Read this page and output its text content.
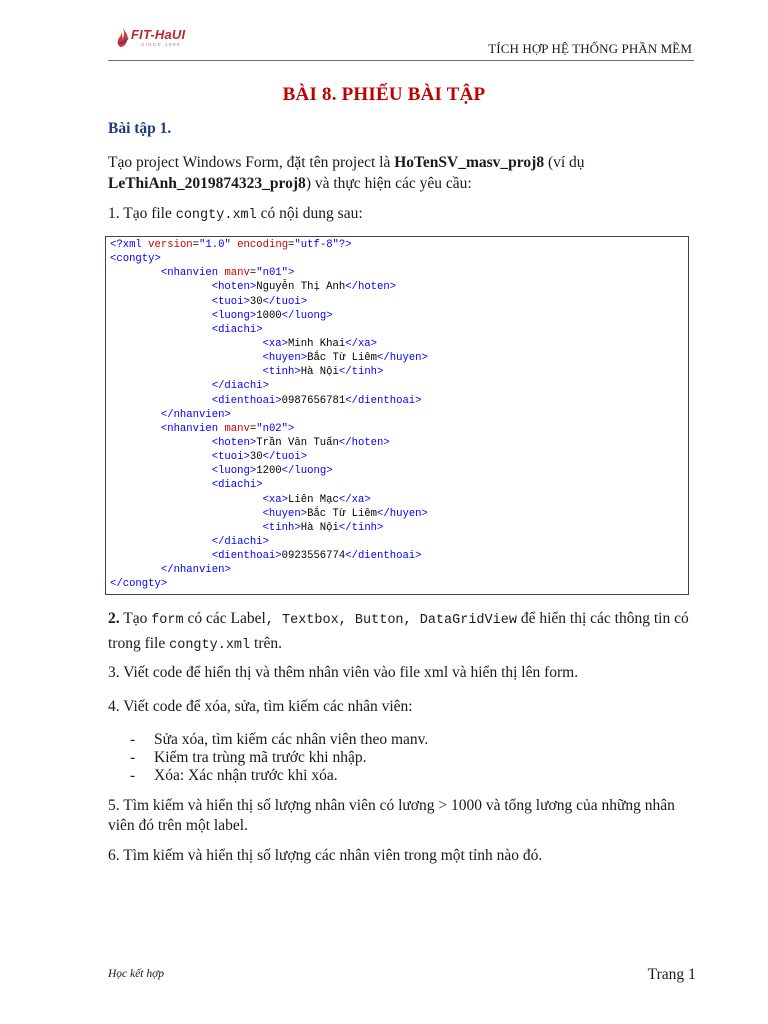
FIT-HaUI
SINCE 1998	TÍCH HỢP HỆ THỐNG PHẦN MỀM
BÀI 8. PHIẾU BÀI TẬP
Bài tập 1.
Tạo project Windows Form, đặt tên project là HoTenSV_masv_proj8 (ví dụ LeThiAnh_2019874323_proj8) và thực hiện các yêu cầu:
1. Tạo file congty.xml có nội dung sau:
<?xml version="1.0" encoding="utf-8"?>
<congty>
<nhanvien manv="n01">
<hoten>Nguyễn Thị Anh</hoten>
<tuoi>30</tuoi>
<luong>1000</luong>
<diachi>
<xa>Minh Khai</xa>
<huyen>Bắc Từ Liêm</huyen>
<tinh>Hà Nội</tinh>
</diachi>
<dienthoai>0987656781</dienthoai>
</nhanvien>
<nhanvien manv="n02">
<hoten>Trần Văn Tuấn</hoten>
<tuoi>30</tuoi>
<luong>1200</luong>
<diachi>
<xa>Liên Mạc</xa>
<huyen>Bắc Từ Liêm</huyen>
<tinh>Hà Nội</tinh>
</diachi>
<dienthoai>0923556774</dienthoai>
</nhanvien>
</congty>
2. Tạo form có các Label, Textbox, Button, DataGridView để hiển thị các thông tin có trong file congty.xml trên.
3. Viết code để hiển thị và thêm nhân viên vào file xml và hiển thị lên form.
4. Viết code để xóa, sửa, tìm kiếm các nhân viên:
-	Sửa xóa, tìm kiếm các nhân viên theo manv.
-	Kiểm tra trùng mã trước khi nhập.
-	Xóa: Xác nhận trước khi xóa.
5. Tìm kiếm và hiển thị số lượng nhân viên có lương > 1000 và tổng lương của những nhân viên đó trên một label.
6. Tìm kiếm và hiển thị số lượng các nhân viên trong một tỉnh nào đó.
Học kết hợp	Trang 1
